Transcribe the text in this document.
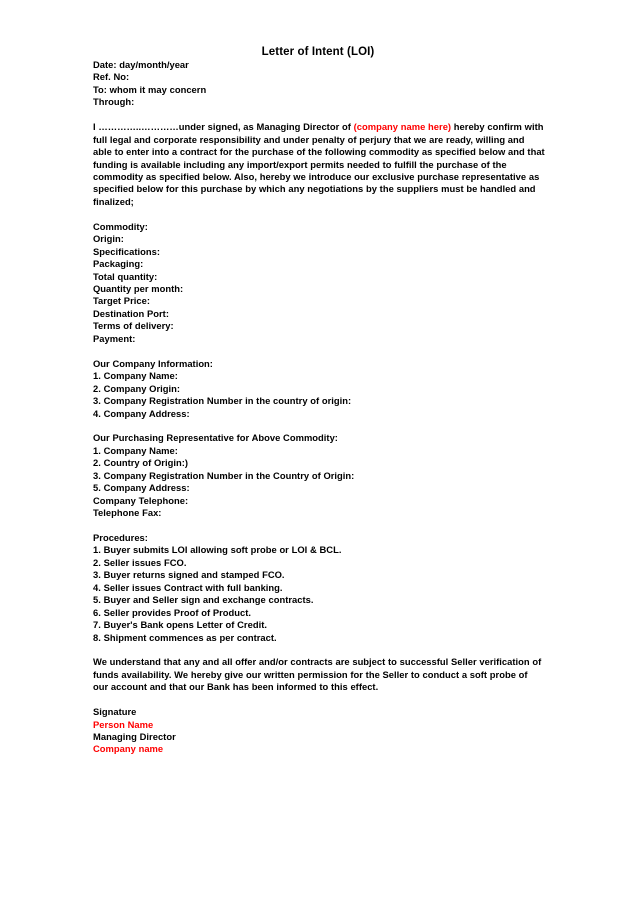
Letter of Intent (LOI)
Date: day/month/year
Ref. No:
To: whom it may concern
Through:
I …………..…………under signed, as Managing Director of (company name here) hereby confirm with full legal and corporate responsibility and under penalty of perjury that we are ready, willing and able to enter into a contract for the purchase of the following commodity as specified below and that funding is available including any import/export permits needed to fulfill the purchase of the commodity as specified below. Also, hereby we introduce our exclusive purchase representative as specified below for this purchase by which any negotiations by the suppliers must be handled and finalized;
Commodity:
Origin:
Specifications:
Packaging:
Total quantity:
Quantity per month:
Target Price:
Destination Port:
Terms of delivery:
Payment:
Our Company Information:
1. Company Name:
2. Company Origin:
3. Company Registration Number in the country of origin:
4. Company Address:
Our Purchasing Representative for Above Commodity:
1. Company Name:
2. Country of Origin:)
3. Company Registration Number in the Country of Origin:
5. Company Address:
Company Telephone:
Telephone Fax:
Procedures:
1. Buyer submits LOI allowing soft probe or LOI & BCL.
2. Seller issues FCO.
3. Buyer returns signed and stamped FCO.
4. Seller issues Contract with full banking.
5. Buyer and Seller sign and exchange contracts.
6. Seller provides Proof of Product.
7. Buyer's Bank opens Letter of Credit.
8. Shipment commences as per contract.
We understand that any and all offer and/or contracts are subject to successful Seller verification of funds availability. We hereby give our written permission for the Seller to conduct a soft probe of our account and that our Bank has been informed to this effect.
Signature
Person Name
Managing Director
Company name
